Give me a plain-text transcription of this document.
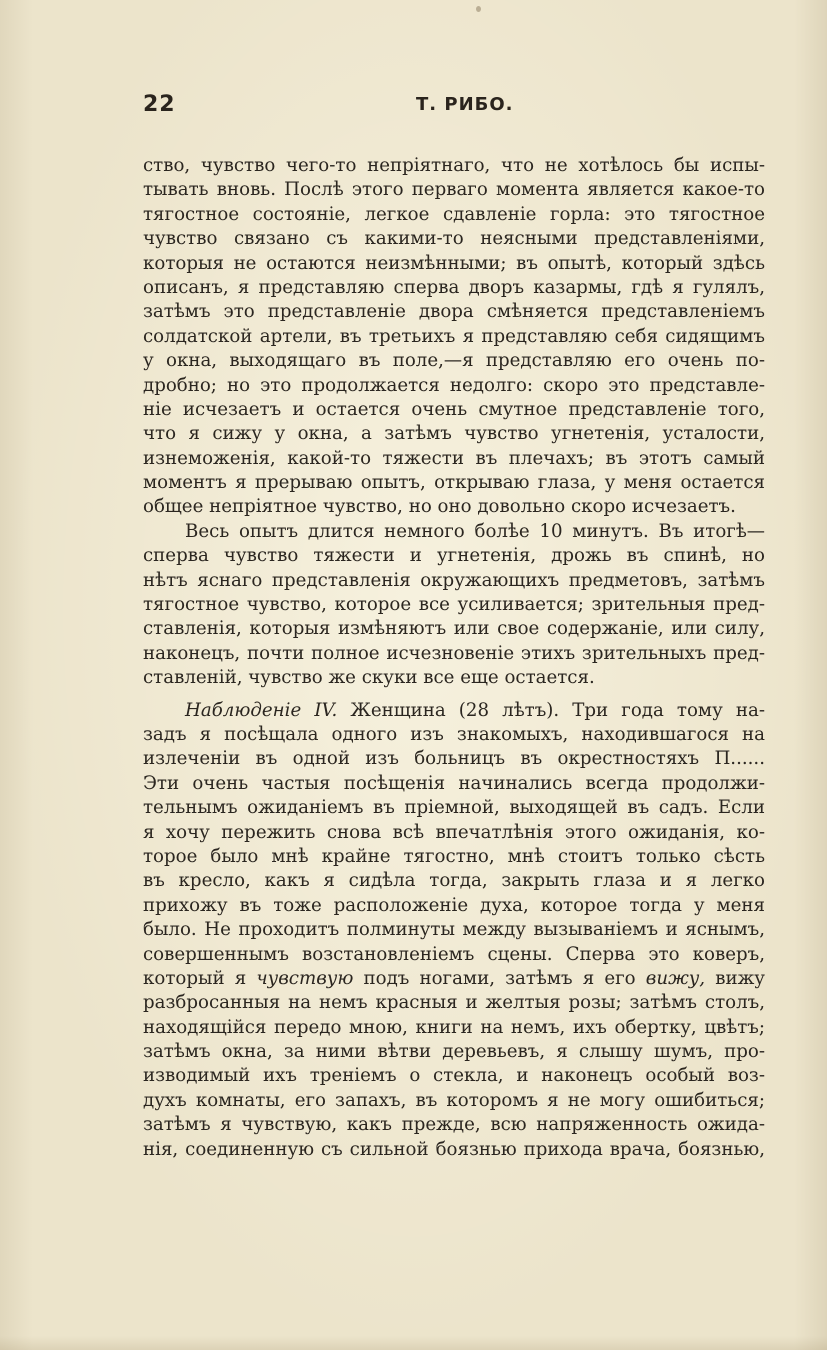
22	Т. РИБО.
ство, чувство чего-то непріятнаго, что не хотѣлось бы испы-
тывать вновь. Послѣ этого перваго момента является какое-то
тягостное состояніе, легкое сдавленіе горла: это тягостное
чувство связано съ какими-то неясными представленіями,
которыя не остаются неизмѣнными; въ опытѣ, который здѣсь
описанъ, я представляю сперва дворъ казармы, гдѣ я гулялъ,
затѣмъ это представленіе двора смѣняется представленіемъ
солдатской артели, въ третьихъ я представляю себя сидящимъ
у окна, выходящаго въ поле,—я представляю его очень по-
дробно; но это продолжается недолго: скоро это представле-
ніе исчезаетъ и остается очень смутное представленіе того,
что я сижу у окна, а затѣмъ чувство угнетенія, усталости,
изнеможенія, какой-то тяжести въ плечахъ; въ этотъ самый
моментъ я прерываю опытъ, открываю глаза, у меня остается
общее непріятное чувство, но оно довольно скоро исчезаетъ.
Весь опытъ длится немного болѣе 10 минутъ. Въ итогѣ—
сперва чувство тяжести и угнетенія, дрожь въ спинѣ, но
нѣтъ яснаго представленія окружающихъ предметовъ, затѣмъ
тягостное чувство, которое все усиливается; зрительныя пред-
ставленія, которыя измѣняютъ или свое содержаніе, или силу,
наконецъ, почти полное исчезновеніе этихъ зрительныхъ пред-
ставленій, чувство же скуки все еще остается.
Наблюденіе IV. Женщина (28 лѣтъ). Три года тому на-
задъ я посѣщала одного изъ знакомыхъ, находившагося на
излеченіи въ одной изъ больницъ въ окрестностяхъ П......
Эти очень частыя посѣщенія начинались всегда продолжи-
тельнымъ ожиданіемъ въ пріемной, выходящей въ садъ. Если
я хочу пережить снова всѣ впечатлѣнія этого ожиданія, ко-
торое было мнѣ крайне тягостно, мнѣ стоитъ только сѣсть
въ кресло, какъ я сидѣла тогда, закрыть глаза и я легко
прихожу въ тоже расположеніе духа, которое тогда у меня
было. Не проходитъ полминуты между вызываніемъ и яснымъ,
совершеннымъ возстановленіемъ сцены. Сперва это коверъ,
который я чувствую подъ ногами, затѣмъ я его вижу, вижу
разбросанныя на немъ красныя и желтыя розы; затѣмъ столъ,
находящійся передо мною, книги на немъ, ихъ обертку, цвѣтъ;
затѣмъ окна, за ними вѣтви деревьевъ, я слышу шумъ, про-
изводимый ихъ треніемъ о стекла, и наконецъ особый воз-
духъ комнаты, его запахъ, въ которомъ я не могу ошибиться;
затѣмъ я чувствую, какъ прежде, всю напряженность ожида-
нія, соединенную съ сильной боязнью прихода врача, боязнью,
